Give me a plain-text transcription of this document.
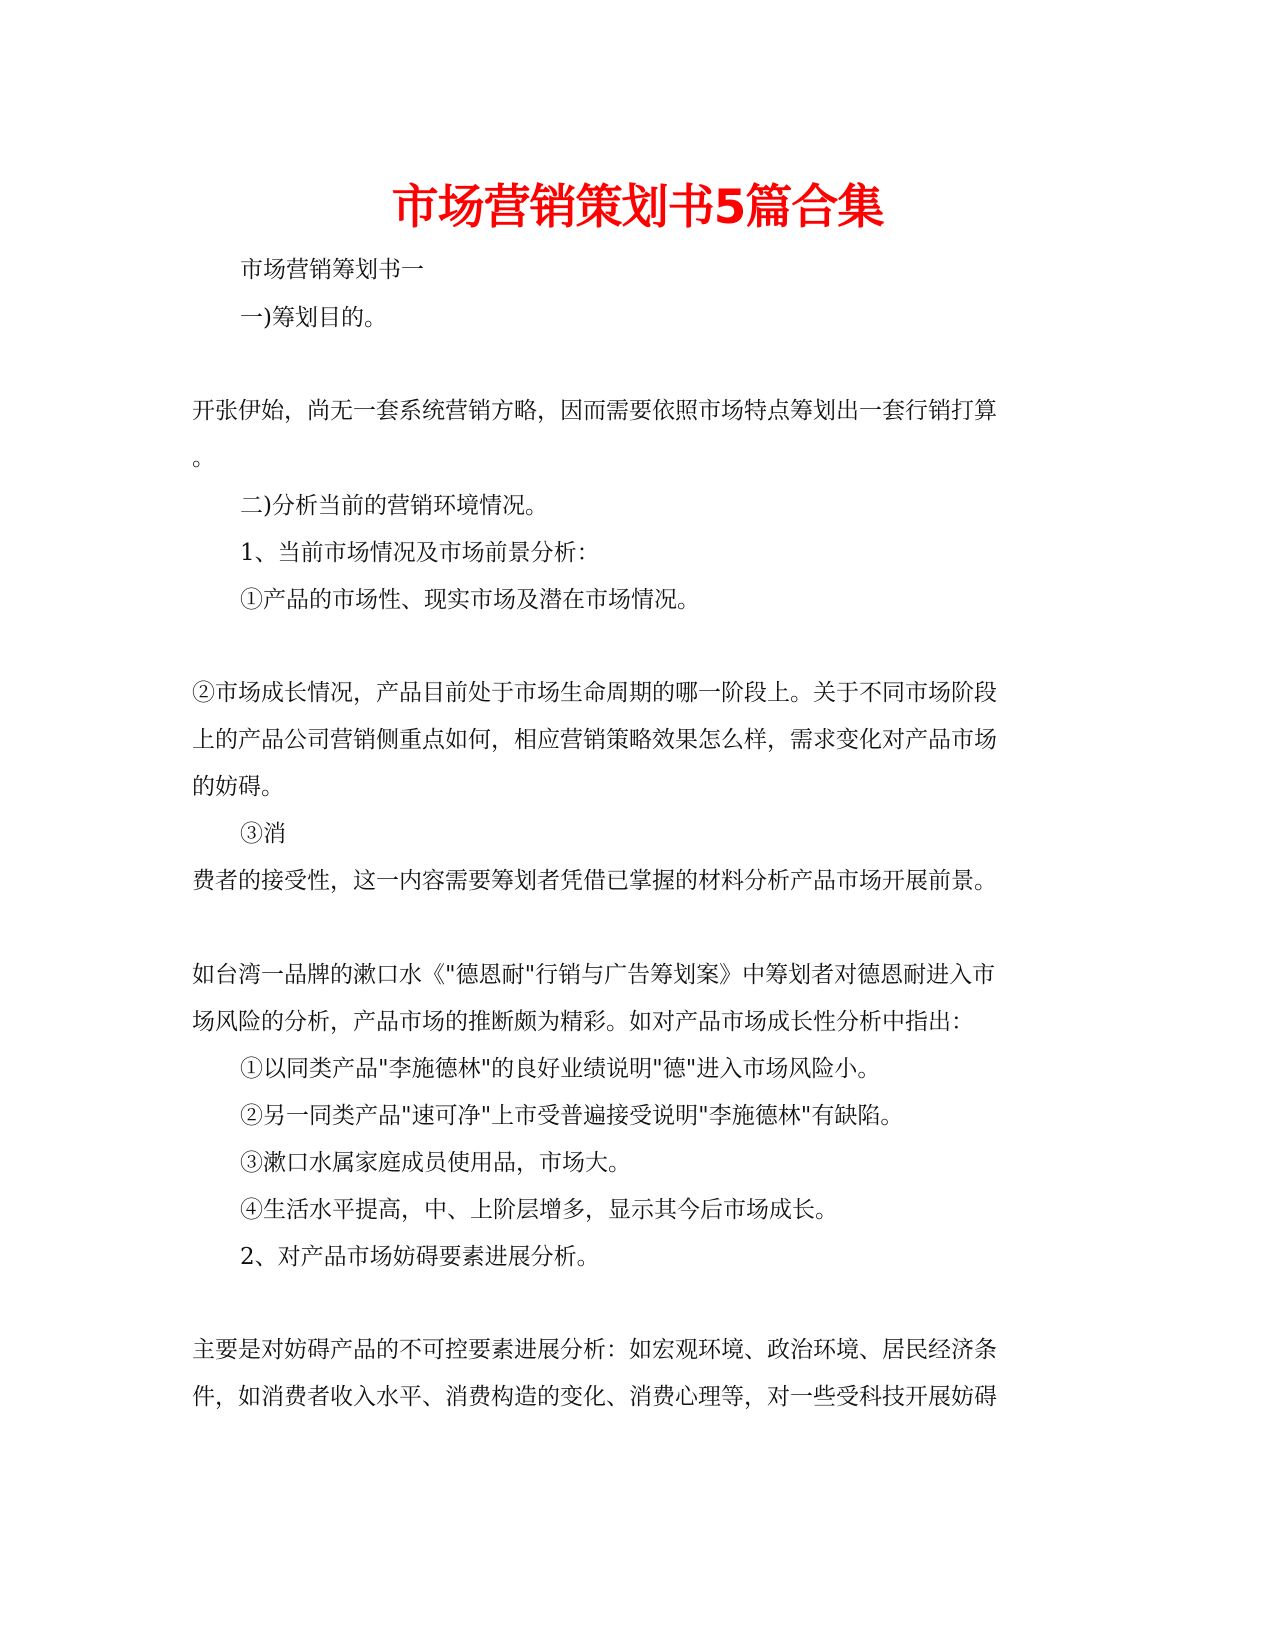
市场营销策划书5篇合集
市场营销筹划书一
一)筹划目的。
开张伊始，尚无一套系统营销方略，因而需要依照市场特点筹划出一套行销打算
。
二)分析当前的营销环境情况。
1、当前市场情况及市场前景分析：
①产品的市场性、现实市场及潜在市场情况。
②市场成长情况，产品目前处于市场生命周期的哪一阶段上。关于不同市场阶段
上的产品公司营销侧重点如何，相应营销策略效果怎么样，需求变化对产品市场
的妨碍。
③消
费者的接受性，这一内容需要筹划者凭借已掌握的材料分析产品市场开展前景。
如台湾一品牌的漱口水《"德恩耐"行销与广告筹划案》中筹划者对德恩耐进入市
场风险的分析，产品市场的推断颇为精彩。如对产品市场成长性分析中指出：
①以同类产品"李施德林"的良好业绩说明"德"进入市场风险小。
②另一同类产品"速可净"上市受普遍接受说明"李施德林"有缺陷。
③漱口水属家庭成员使用品，市场大。
④生活水平提高，中、上阶层增多，显示其今后市场成长。
2、对产品市场妨碍要素进展分析。
主要是对妨碍产品的不可控要素进展分析：如宏观环境、政治环境、居民经济条
件，如消费者收入水平、消费构造的变化、消费心理等，对一些受科技开展妨碍
